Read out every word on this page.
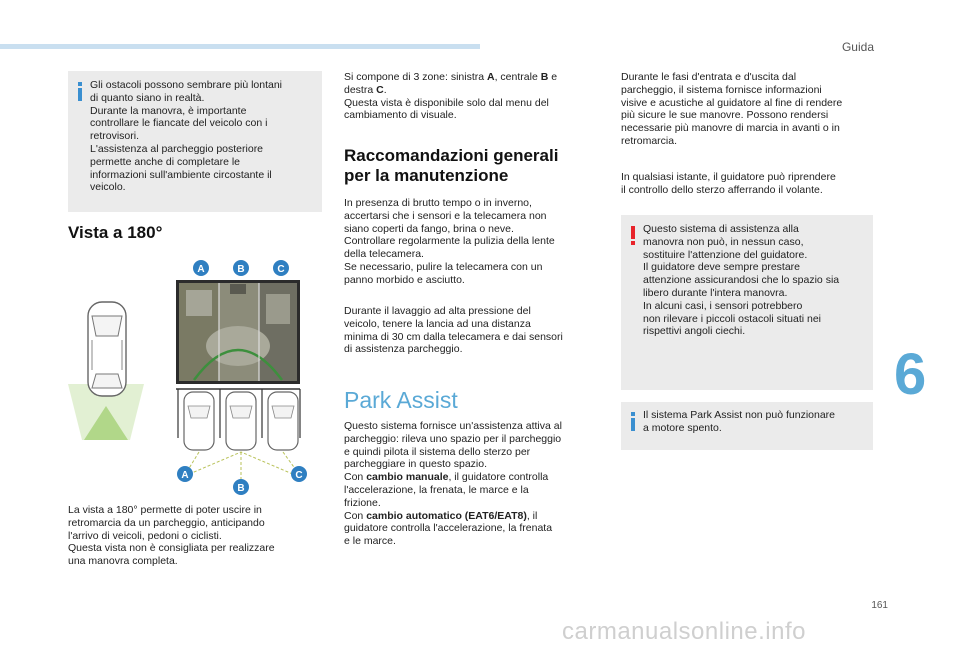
Guida

Gli ostacoli possono sembrare più lontani
di quanto siano in realtà.
Durante la manovra, è importante
controllare le fiancate del veicolo con i
retrovisori.
L'assistenza al parcheggio posteriore
permette anche di completare le
informazioni sull'ambiente circostante il
veicolo.

Vista a 180°
A	B	C
A
B
C

La vista a 180° permette di poter uscire in
retromarcia da un parcheggio, anticipando
l'arrivo di veicoli, pedoni o ciclisti.
Questa vista non è consigliata per realizzare
una manovra completa.

Si compone di 3 zone: sinistra A, centrale B e
destra C.
Questa vista è disponibile solo dal menu del
cambiamento di visuale.

Raccomandazioni generali
per la manutenzione

In presenza di brutto tempo o in inverno,
accertarsi che i sensori e la telecamera non
siano coperti da fango, brina o neve.
Controllare regolarmente la pulizia della lente
della telecamera.
Se necessario, pulire la telecamera con un
panno morbido e asciutto.

Durante il lavaggio ad alta pressione del
veicolo, tenere la lancia ad una distanza
minima di 30 cm dalla telecamera e dai sensori
di assistenza parcheggio.

Park Assist

Questo sistema fornisce un'assistenza attiva al
parcheggio: rileva uno spazio per il parcheggio
e quindi pilota il sistema dello sterzo per
parcheggiare in questo spazio.
Con cambio manuale, il guidatore controlla
l'accelerazione, la frenata, le marce e la
frizione.
Con cambio automatico (EAT6/EAT8), il
guidatore controlla l'accelerazione, la frenata
e le marce.

Durante le fasi d'entrata e d'uscita dal
parcheggio, il sistema fornisce informazioni
visive e acustiche al guidatore al fine di rendere
più sicure le sue manovre. Possono rendersi
necessarie più manovre di marcia in avanti o in
retromarcia.

In qualsiasi istante, il guidatore può riprendere
il controllo dello sterzo afferrando il volante.

Questo sistema di assistenza alla
manovra non può, in nessun caso,
sostituire l'attenzione del guidatore.
Il guidatore deve sempre prestare
attenzione assicurandosi che lo spazio sia
libero durante l'intera manovra.
In alcuni casi, i sensori potrebbero
non rilevare i piccoli ostacoli situati nei
rispettivi angoli ciechi.

Il sistema Park Assist non può funzionare
a motore spento.

6
161
carmanualsonline.info
